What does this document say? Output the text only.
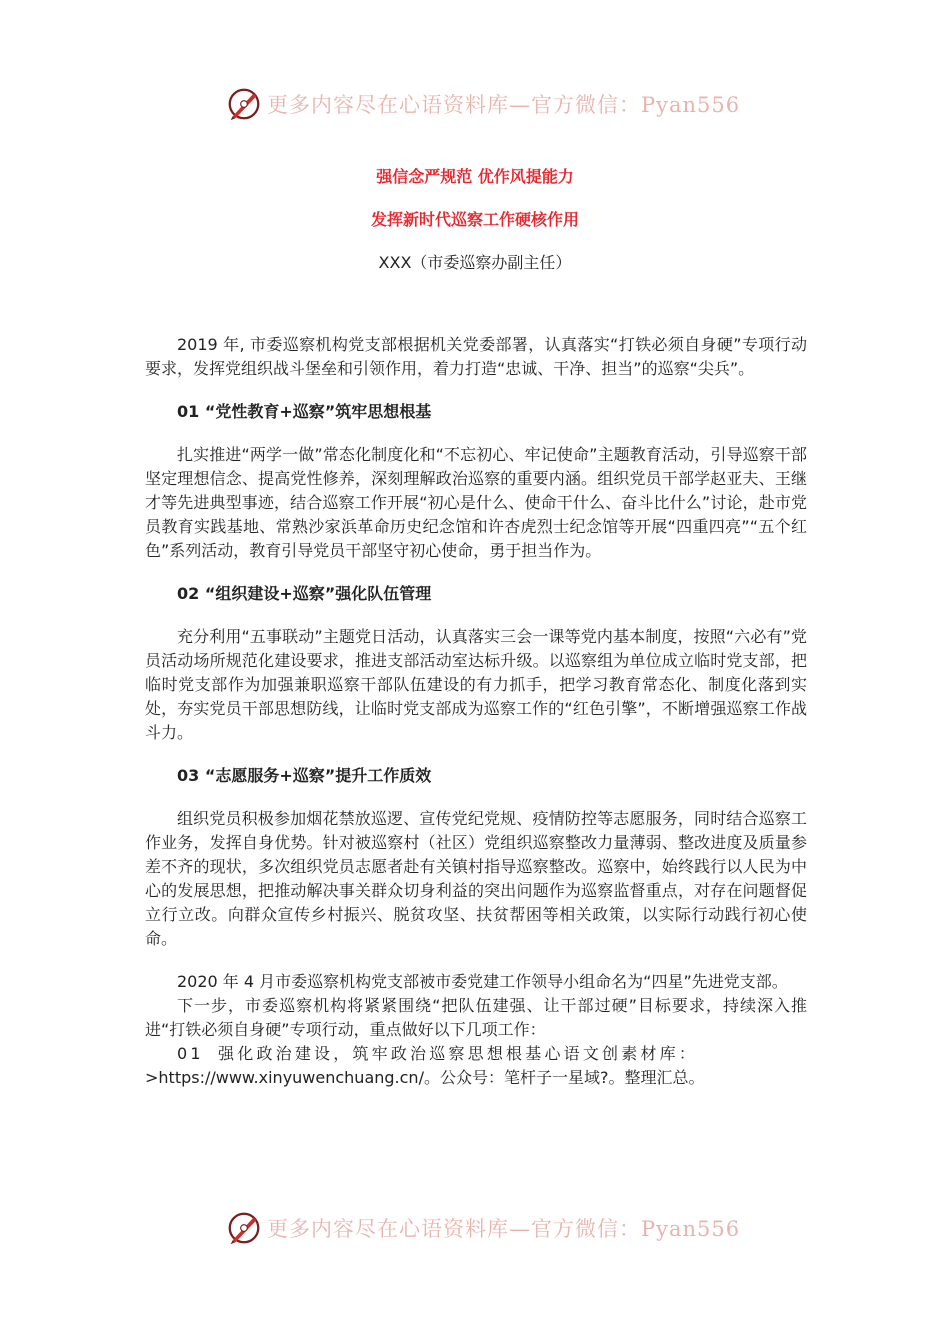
更多内容尽在心语资料库—官方微信：Pyan556
强信念严规范 优作风提能力
发挥新时代巡察工作硬核作用
XXX（市委巡察办副主任）

2019 年, 市委巡察机构党支部根据机关党委部署，认真落实“打铁必须自身硬”专项行动要求，发挥党组织战斗堡垒和引领作用，着力打造“忠诚、干净、担当”的巡察“尖兵”。

01 “党性教育+巡察”筑牢思想根基

扎实推进“两学一做”常态化制度化和“不忘初心、牢记使命”主题教育活动，引导巡察干部坚定理想信念、提高党性修养，深刻理解政治巡察的重要内涵。组织党员干部学赵亚夫、王继才等先进典型事迹，结合巡察工作开展“初心是什么、使命干什么、奋斗比什么”讨论，赴市党员教育实践基地、常熟沙家浜革命历史纪念馆和许杏虎烈士纪念馆等开展“四重四亮”“五个红色”系列活动，教育引导党员干部坚守初心使命，勇于担当作为。

02 “组织建设+巡察”强化队伍管理

充分利用“五事联动”主题党日活动，认真落实三会一课等党内基本制度，按照“六必有”党员活动场所规范化建设要求，推进支部活动室达标升级。以巡察组为单位成立临时党支部，把临时党支部作为加强兼职巡察干部队伍建设的有力抓手，把学习教育常态化、制度化落到实处，夯实党员干部思想防线，让临时党支部成为巡察工作的“红色引擎”，不断增强巡察工作战斗力。

03 “志愿服务+巡察”提升工作质效

组织党员积极参加烟花禁放巡逻、宣传党纪党规、疫情防控等志愿服务，同时结合巡察工作业务，发挥自身优势。针对被巡察村（社区）党组织巡察整改力量薄弱、整改进度及质量参差不齐的现状，多次组织党员志愿者赴有关镇村指导巡察整改。巡察中，始终践行以人民为中心的发展思想，把推动解决事关群众切身利益的突出问题作为巡察监督重点，对存在问题督促立行立改。向群众宣传乡村振兴、脱贫攻坚、扶贫帮困等相关政策，以实际行动践行初心使命。

2020 年 4 月市委巡察机构党支部被市委党建工作领导小组命名为“四星”先进党支部。

下一步，市委巡察机构将紧紧围绕“把队伍建强、让干部过硬”目标要求，持续深入推进“打铁必须自身硬”专项行动，重点做好以下几项工作：

01 强化政治建设，筑牢政治巡察思想根基心语文创素材库：

>https://www.xinyuwenchuang.cn/。公众号：笔杆子一星域?。整理汇总。

更多内容尽在心语资料库—官方微信：Pyan556
